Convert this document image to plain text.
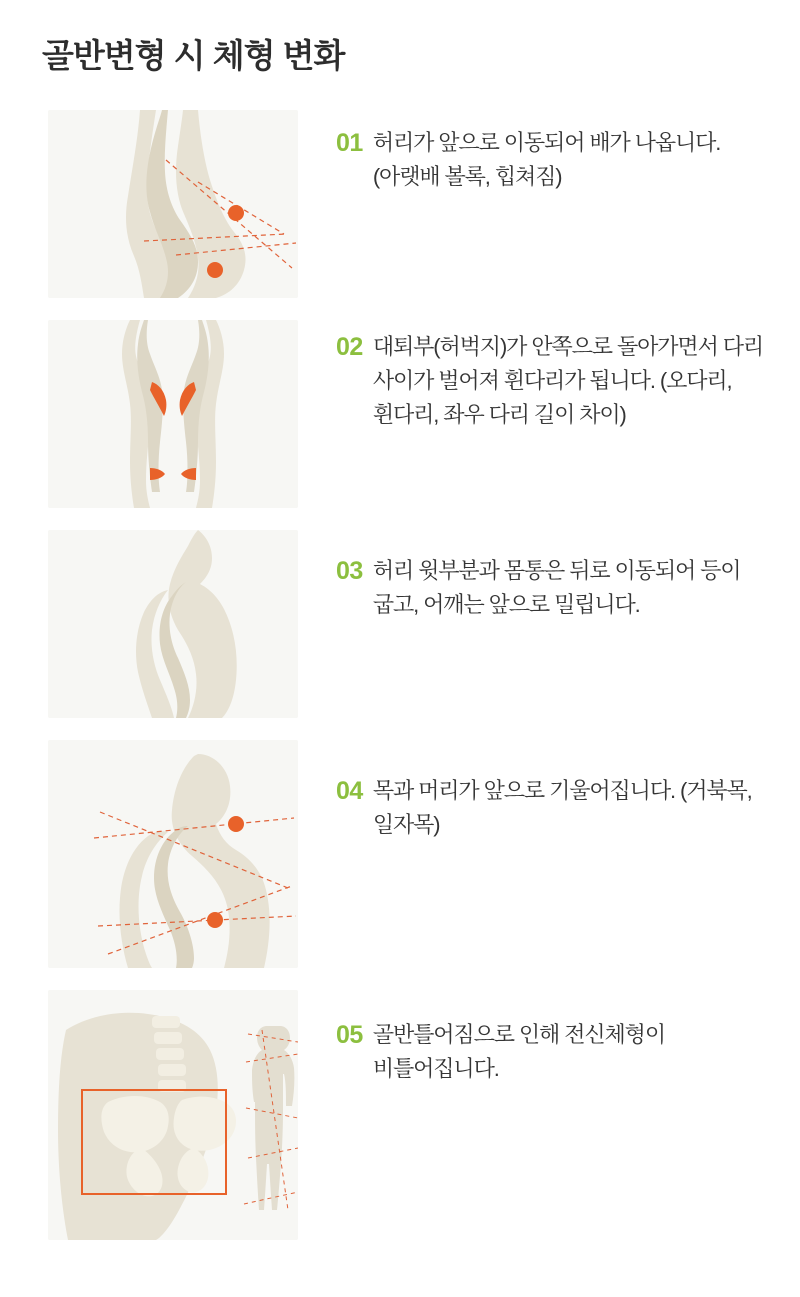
골반변형 시 체형 변화
01 허리가 앞으로 이동되어 배가 나옵니다. (아랫배 볼록, 힙쳐짐)
02 대퇴부(허벅지)가 안쪽으로 돌아가면서 다리 사이가 벌어져 휜다리가 됩니다. (오다리, 휜다리, 좌우 다리 길이 차이)
03 허리 윗부분과 몸통은 뒤로 이동되어 등이 굽고, 어깨는 앞으로 밀립니다.
04 목과 머리가 앞으로 기울어집니다. (거북목, 일자목)
05 골반틀어짐으로 인해 전신체형이 비틀어집니다.
